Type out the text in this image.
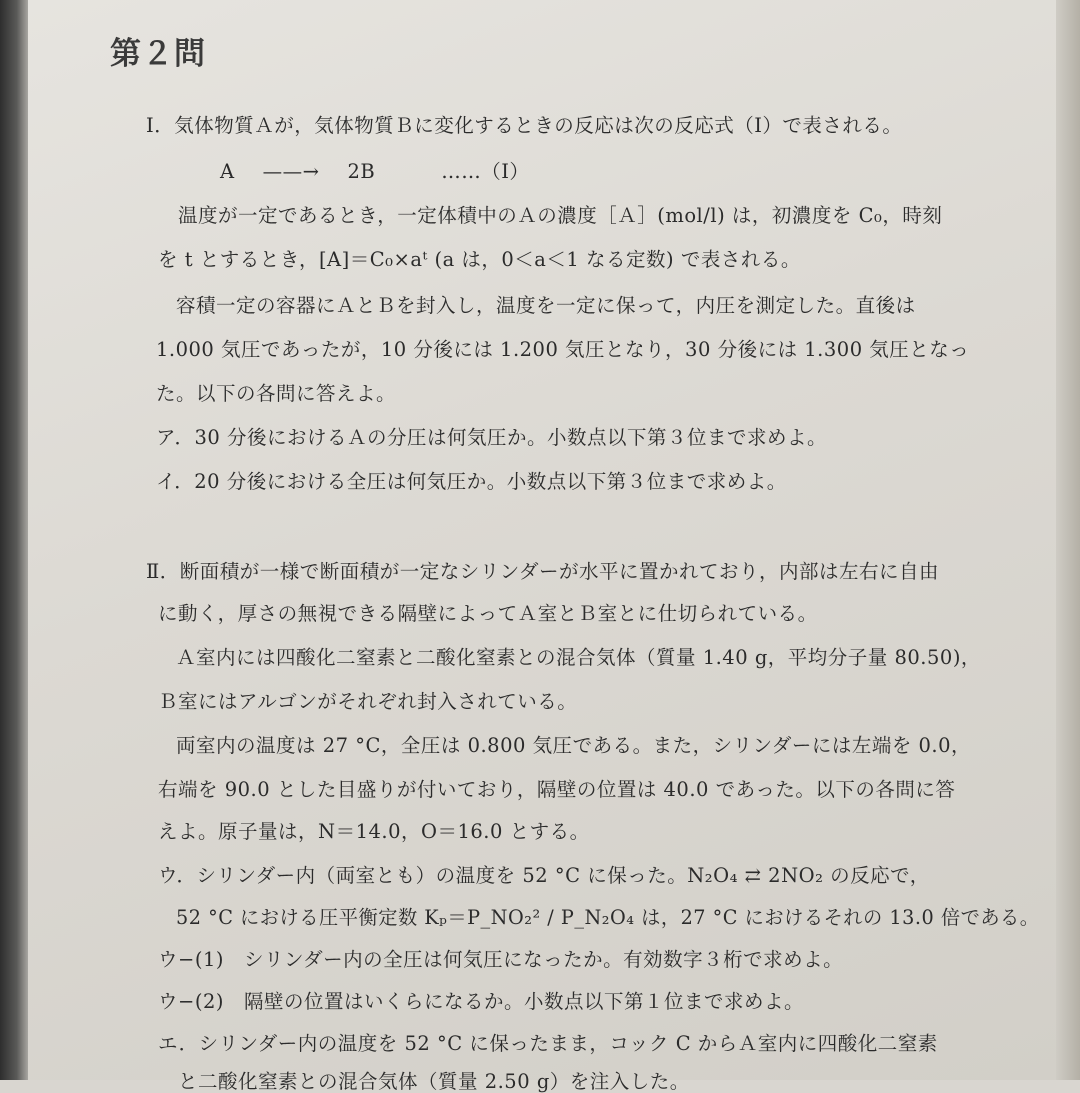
第２問
Ⅰ．気体物質Ａが，気体物質Ｂに変化するときの反応は次の反応式（Ⅰ）で表される。
A ——→ 2B	……（Ⅰ）
温度が一定であるとき，一定体積中のＡの濃度［Ａ］(mol/l) は，初濃度を C₀，時刻
を t とするとき，[A]＝C₀×aᵗ (a は，0＜a＜1 なる定数) で表される。
容積一定の容器にＡとＢを封入し，温度を一定に保って，内圧を測定した。直後は
1.000 気圧であったが，10 分後には 1.200 気圧となり，30 分後には 1.300 気圧となっ
た。以下の各問に答えよ。
ア．30 分後におけるＡの分圧は何気圧か。小数点以下第３位まで求めよ。
イ．20 分後における全圧は何気圧か。小数点以下第３位まで求めよ。
Ⅱ．断面積が一様で断面積が一定なシリンダーが水平に置かれており，内部は左右に自由
に動く，厚さの無視できる隔壁によってＡ室とＢ室とに仕切られている。
Ａ室内には四酸化二窒素と二酸化窒素との混合気体（質量 1.40 g，平均分子量 80.50)，
Ｂ室にはアルゴンがそれぞれ封入されている。
両室内の温度は 27 °C，全圧は 0.800 気圧である。また，シリンダーには左端を 0.0，
右端を 90.0 とした目盛りが付いており，隔壁の位置は 40.0 であった。以下の各問に答
えよ。原子量は，N＝14.0，O＝16.0 とする。
ウ．シリンダー内（両室とも）の温度を 52 °C に保った。N₂O₄ ⇄ 2NO₂ の反応で，
52 °C における圧平衡定数 Kₚ＝P_NO₂² / P_N₂O₄ は，27 °C におけるそれの 13.0 倍である。
ウ−(1)　シリンダー内の全圧は何気圧になったか。有効数字３桁で求めよ。
ウ−(2)　隔壁の位置はいくらになるか。小数点以下第１位まで求めよ。
エ．シリンダー内の温度を 52 °C に保ったまま，コック C からＡ室内に四酸化二窒素
と二酸化窒素との混合気体（質量 2.50 g）を注入した。
